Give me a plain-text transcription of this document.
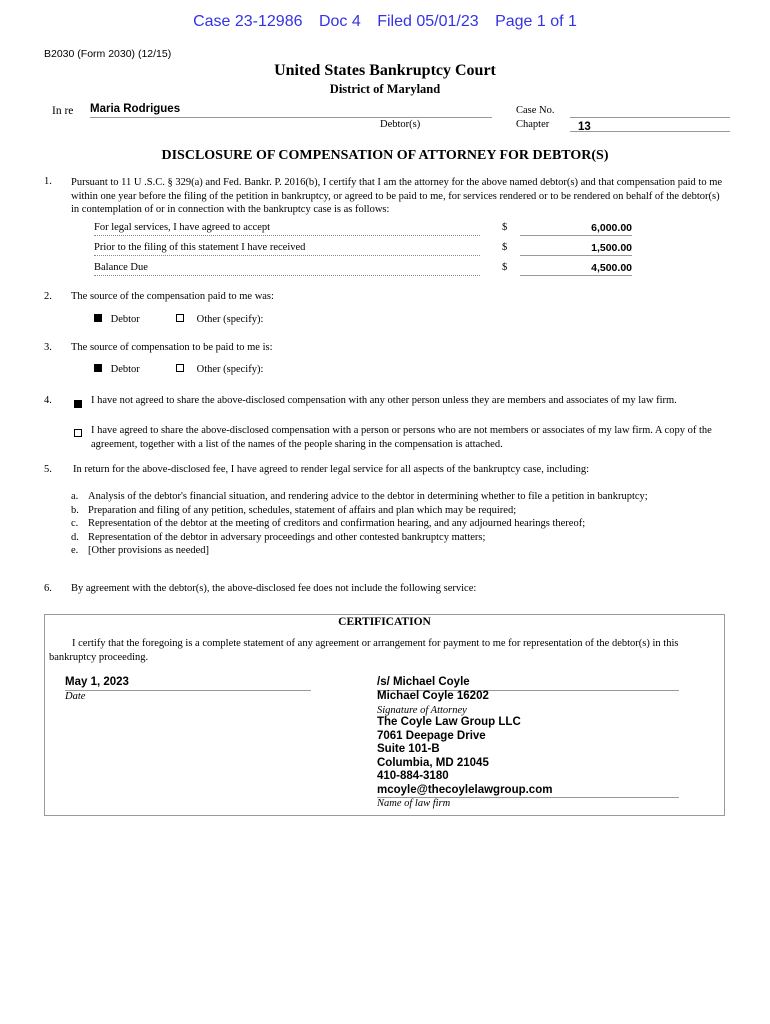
Case 23-12986 Doc 4 Filed 05/01/23 Page 1 of 1
B2030 (Form 2030) (12/15)
United States Bankruptcy Court
District of Maryland
In re Maria Rodrigues
Debtor(s)
Case No.
Chapter	13
DISCLOSURE OF COMPENSATION OF ATTORNEY FOR DEBTOR(S)
1. Pursuant to 11 U .S.C. § 329(a) and Fed. Bankr. P. 2016(b), I certify that I am the attorney for the above named debtor(s) and that compensation paid to me within one year before the filing of the petition in bankruptcy, or agreed to be paid to me, for services rendered or to be rendered on behalf of the debtor(s) in contemplation of or in connection with the bankruptcy case is as follows:
For legal services, I have agreed to accept	$	6,000.00
Prior to the filing of this statement I have received	$	1,500.00
Balance Due	$	4,500.00
2. The source of the compensation paid to me was:
Debtor	Other (specify):
3. The source of compensation to be paid to me is:
Debtor	Other (specify):
4.	I have not agreed to share the above-disclosed compensation with any other person unless they are members and associates of my law firm.
I have agreed to share the above-disclosed compensation with a person or persons who are not members or associates of my law firm. A copy of the agreement, together with a list of the names of the people sharing in the compensation is attached.
5. In return for the above-disclosed fee, I have agreed to render legal service for all aspects of the bankruptcy case, including:
a. Analysis of the debtor's financial situation, and rendering advice to the debtor in determining whether to file a petition in bankruptcy;
b. Preparation and filing of any petition, schedules, statement of affairs and plan which may be required;
c. Representation of the debtor at the meeting of creditors and confirmation hearing, and any adjourned hearings thereof;
d. Representation of the debtor in adversary proceedings and other contested bankruptcy matters;
e. [Other provisions as needed]
6. By agreement with the debtor(s), the above-disclosed fee does not include the following service:
CERTIFICATION
I certify that the foregoing is a complete statement of any agreement or arrangement for payment to me for representation of the debtor(s) in this bankruptcy proceeding.
May 1, 2023
Date
/s/ Michael Coyle
Michael Coyle 16202
Signature of Attorney
The Coyle Law Group LLC
7061 Deepage Drive
Suite 101-B
Columbia, MD 21045
410-884-3180
mcoyle@thecoylelawgroup.com
Name of law firm
